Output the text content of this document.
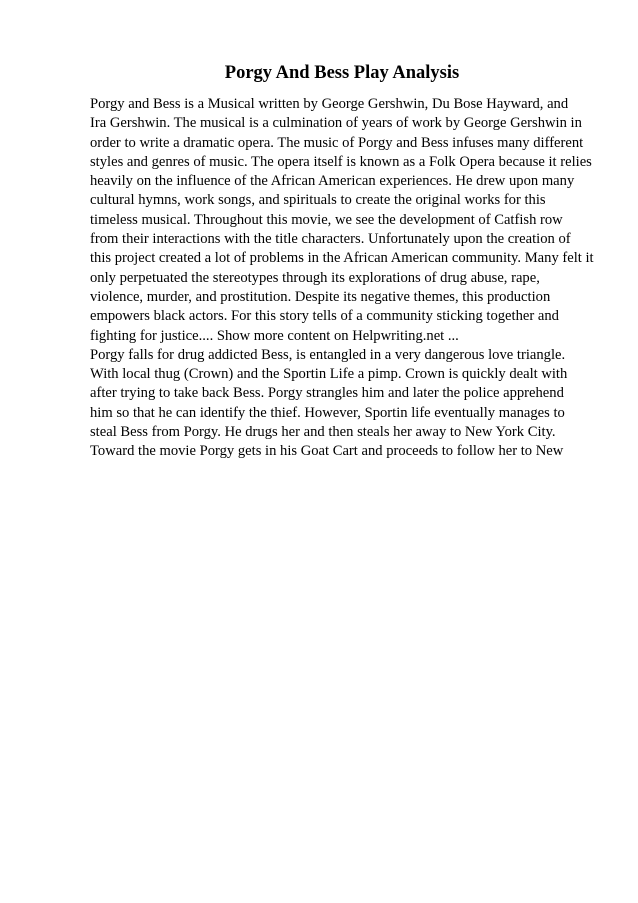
Porgy And Bess Play Analysis
Porgy and Bess is a Musical written by George Gershwin, Du Bose Hayward, and
Ira Gershwin. The musical is a culmination of years of work by George Gershwin in
order to write a dramatic opera. The music of Porgy and Bess infuses many different
styles and genres of music. The opera itself is known as a Folk Opera because it relies
heavily on the influence of the African American experiences. He drew upon many
cultural hymns, work songs, and spirituals to create the original works for this
timeless musical. Throughout this movie, we see the development of Catfish row
from their interactions with the title characters. Unfortunately upon the creation of
this project created a lot of problems in the African American community. Many felt it
only perpetuated the stereotypes through its explorations of drug abuse, rape,
violence, murder, and prostitution. Despite its negative themes, this production
empowers black actors. For this story tells of a community sticking together and
fighting for justice.... Show more content on Helpwriting.net ...
Porgy falls for drug addicted Bess, is entangled in a very dangerous love triangle.
With local thug (Crown) and the Sportin Life a pimp. Crown is quickly dealt with
after trying to take back Bess. Porgy strangles him and later the police apprehend
him so that he can identify the thief. However, Sportin life eventually manages to
steal Bess from Porgy. He drugs her and then steals her away to New York City.
Toward the movie Porgy gets in his Goat Cart and proceeds to follow her to New
